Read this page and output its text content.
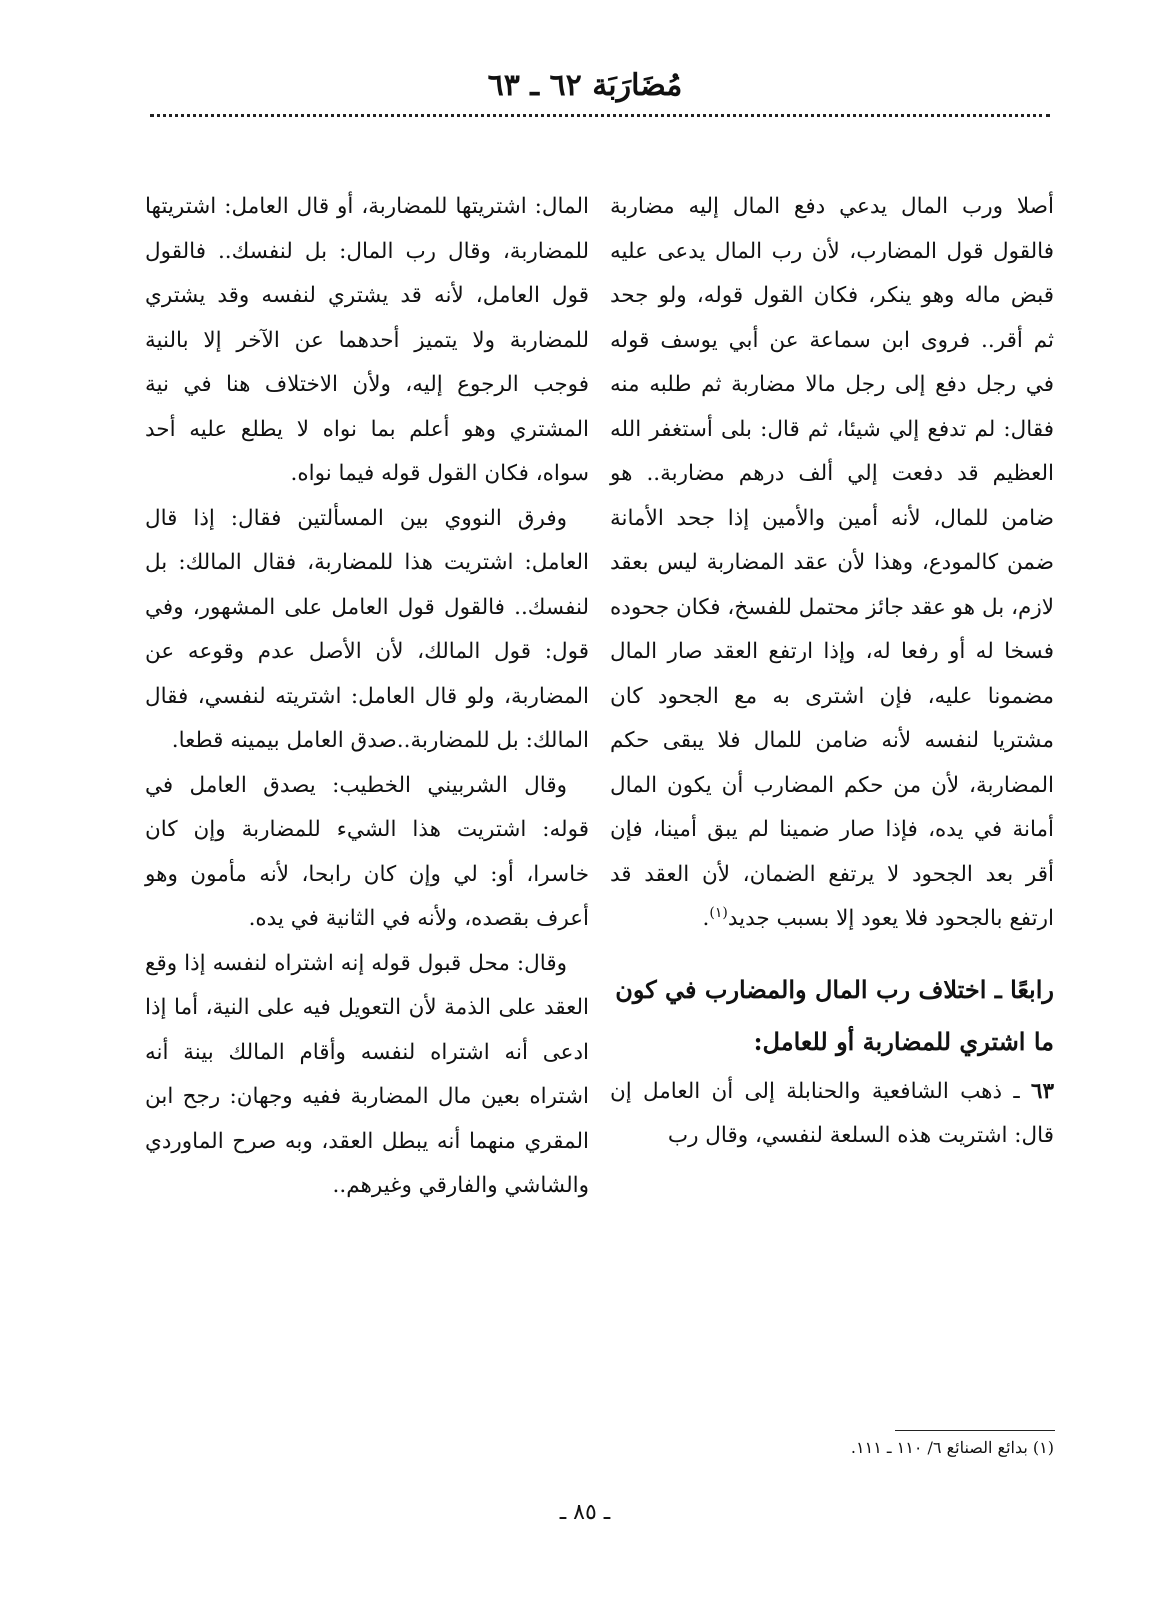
مُضَارَبَة ٦٢ ـ ٦٣

أصلا ورب المال يدعي دفع المال إليه مضاربة فالقول قول المضارب، لأن رب المال يدعى عليه قبض ماله وهو ينكر، فكان القول قوله، ولو جحد ثم أقر.. فروى ابن سماعة عن أبي يوسف قوله في رجل دفع إلى رجل مالا مضاربة ثم طلبه منه فقال: لم تدفع إلي شيئا، ثم قال: بلى أستغفر الله العظيم قد دفعت إلي ألف درهم مضاربة.. هو ضامن للمال، لأنه أمين والأمين إذا جحد الأمانة ضمن كالمودع، وهذا لأن عقد المضاربة ليس بعقد لازم، بل هو عقد جائز محتمل للفسخ، فكان جحوده فسخا له أو رفعا له، وإذا ارتفع العقد صار المال مضمونا عليه، فإن اشترى به مع الجحود كان مشتريا لنفسه لأنه ضامن للمال فلا يبقى حكم المضاربة، لأن من حكم المضارب أن يكون المال أمانة في يده، فإذا صار ضمينا لم يبق أمينا، فإن أقر بعد الجحود لا يرتفع الضمان، لأن العقد قد ارتفع بالجحود فلا يعود إلا بسبب جديد$^{(١)}$.

رابعًا ـ اختلاف رب المال والمضارب في كون ما اشتري للمضاربة أو للعامل:

٦٣ ـ ذهب الشافعية والحنابلة إلى أن العامل إن قال: اشتريت هذه السلعة لنفسي، وقال رب

المال: اشتريتها للمضاربة، أو قال العامل: اشتريتها للمضاربة، وقال رب المال: بل لنفسك.. فالقول قول العامل، لأنه قد يشتري لنفسه وقد يشتري للمضاربة ولا يتميز أحدهما عن الآخر إلا بالنية فوجب الرجوع إليه، ولأن الاختلاف هنا في نية المشتري وهو أعلم بما نواه لا يطلع عليه أحد سواه، فكان القول قوله فيما نواه.

وفرق النووي بين المسألتين فقال: إذا قال العامل: اشتريت هذا للمضاربة، فقال المالك: بل لنفسك.. فالقول قول العامل على المشهور، وفي قول: قول المالك، لأن الأصل عدم وقوعه عن المضاربة، ولو قال العامل: اشتريته لنفسي، فقال المالك: بل للمضاربة..صدق العامل بيمينه قطعا.

وقال الشربيني الخطيب: يصدق العامل في قوله: اشتريت هذا الشيء للمضاربة وإن كان خاسرا، أو: لي وإن كان رابحا، لأنه مأمون وهو أعرف بقصده، ولأنه في الثانية في يده.

وقال: محل قبول قوله إنه اشتراه لنفسه إذا وقع العقد على الذمة لأن التعويل فيه على النية، أما إذا ادعى أنه اشتراه لنفسه وأقام المالك بينة أنه اشتراه بعين مال المضاربة ففيه وجهان: رجح ابن المقري منهما أنه يبطل العقد، وبه صرح الماوردي والشاشي والفارقي وغيرهم..

(١) بدائع الصنائع ٦/ ١١٠ ـ ١١١.
ـ ٨٥ ـ
